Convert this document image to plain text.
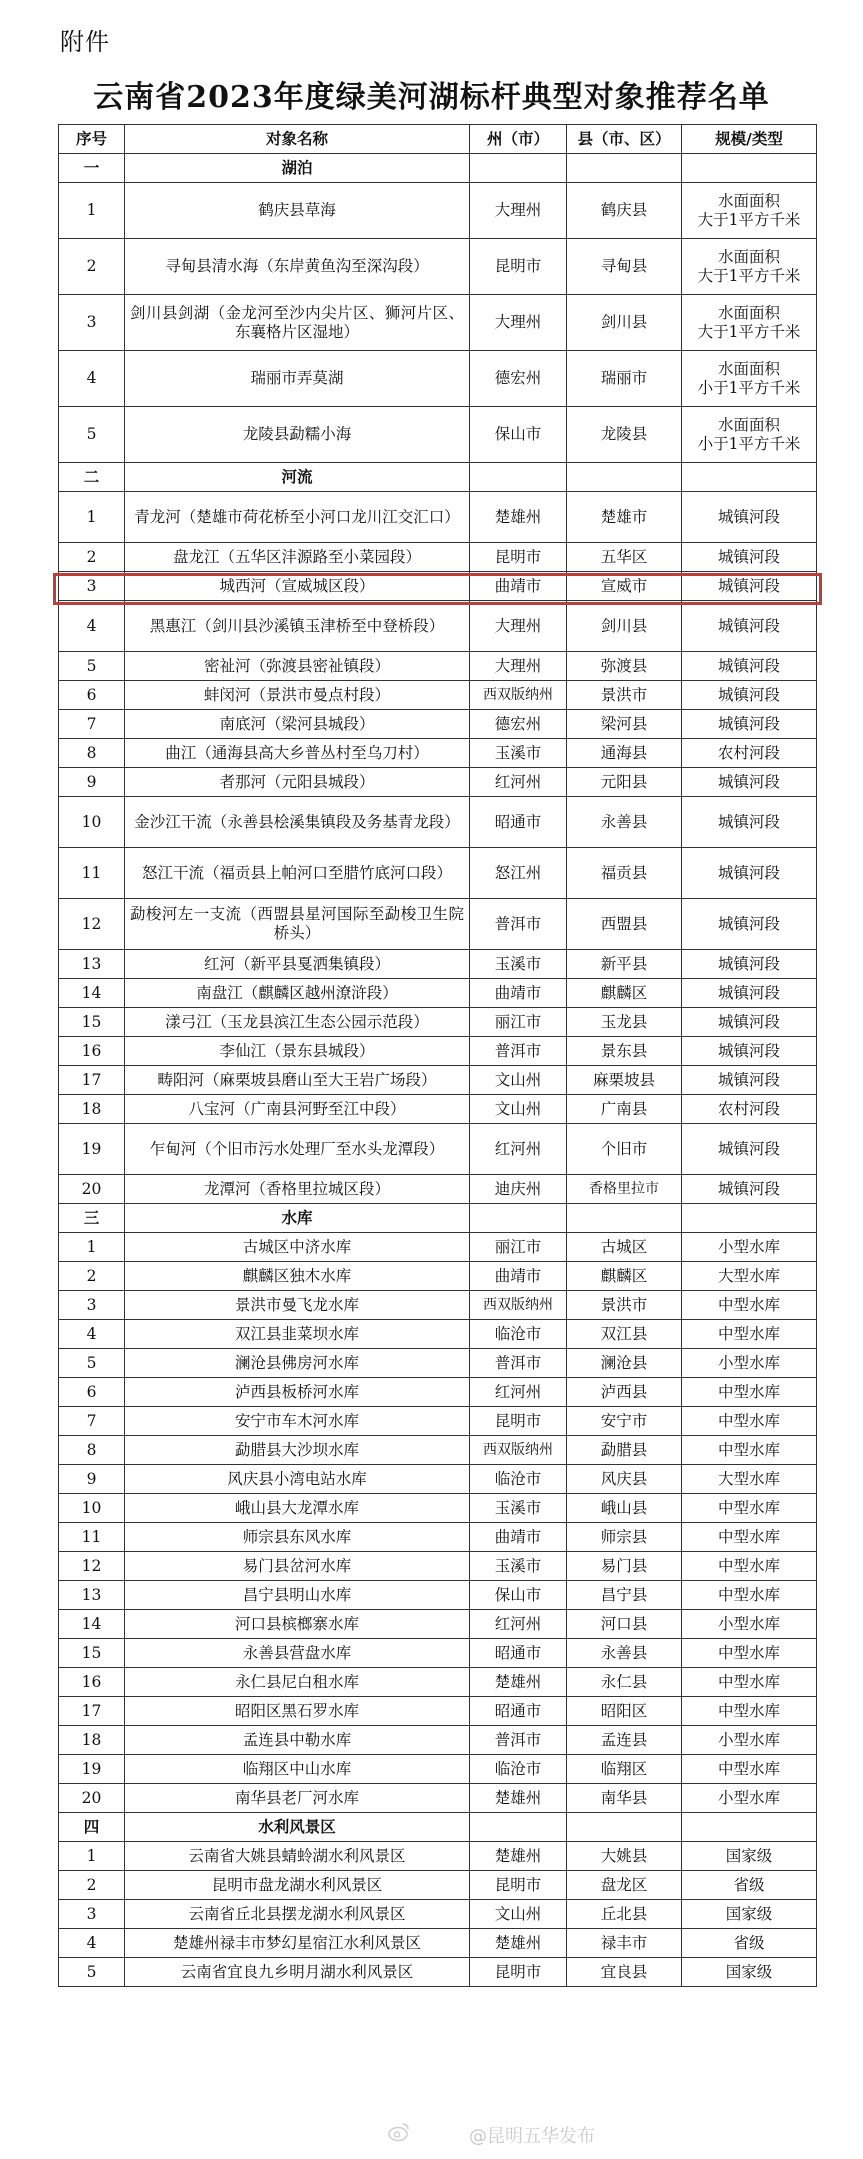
附件
云南省2023年度绿美河湖标杆典型对象推荐名单
序号	对象名称	州（市）	县（市、区）	规模/类型
一	湖泊			
1	鹤庆县草海	大理州	鹤庆县	水面面积
大于1平方千米
2	寻甸县清水海（东岸黄鱼沟至深沟段）	昆明市	寻甸县	水面面积
大于1平方千米
3	剑川县剑湖（金龙河至沙内尖片区、狮河片区、东襄格片区湿地）	大理州	剑川县	水面面积
大于1平方千米
4	瑞丽市弄莫湖	德宏州	瑞丽市	水面面积
小于1平方千米
5	龙陵县勐糯小海	保山市	龙陵县	水面面积
小于1平方千米
二	河流			
1	青龙河（楚雄市荷花桥至小河口龙川江交汇口）	楚雄州	楚雄市	城镇河段
2	盘龙江（五华区沣源路至小菜园段）	昆明市	五华区	城镇河段
3	城西河（宣威城区段）	曲靖市	宣威市	城镇河段
4	黑惠江（剑川县沙溪镇玉津桥至中登桥段）	大理州	剑川县	城镇河段
5	密祉河（弥渡县密祉镇段）	大理州	弥渡县	城镇河段
6	蚌闵河（景洪市曼点村段）	西双版纳州	景洪市	城镇河段
7	南底河（梁河县城段）	德宏州	梁河县	城镇河段
8	曲江（通海县高大乡普丛村至乌刀村）	玉溪市	通海县	农村河段
9	者那河（元阳县城段）	红河州	元阳县	城镇河段
10	金沙江干流（永善县桧溪集镇段及务基青龙段）	昭通市	永善县	城镇河段
11	怒江干流（福贡县上帕河口至腊竹底河口段）	怒江州	福贡县	城镇河段
12	勐梭河左一支流（西盟县星河国际至勐梭卫生院桥头）	普洱市	西盟县	城镇河段
13	红河（新平县戛洒集镇段）	玉溪市	新平县	城镇河段
14	南盘江（麒麟区越州潦浒段）	曲靖市	麒麟区	城镇河段
15	漾弓江（玉龙县滨江生态公园示范段）	丽江市	玉龙县	城镇河段
16	李仙江（景东县城段）	普洱市	景东县	城镇河段
17	畴阳河（麻栗坡县磨山至大王岩广场段）	文山州	麻栗坡县	城镇河段
18	八宝河（广南县河野至江中段）	文山州	广南县	农村河段
19	乍甸河（个旧市污水处理厂至水头龙潭段）	红河州	个旧市	城镇河段
20	龙潭河（香格里拉城区段）	迪庆州	香格里拉市	城镇河段
三	水库			
1	古城区中济水库	丽江市	古城区	小型水库
2	麒麟区独木水库	曲靖市	麒麟区	大型水库
3	景洪市曼飞龙水库	西双版纳州	景洪市	中型水库
4	双江县韭菜坝水库	临沧市	双江县	中型水库
5	澜沧县佛房河水库	普洱市	澜沧县	小型水库
6	泸西县板桥河水库	红河州	泸西县	中型水库
7	安宁市车木河水库	昆明市	安宁市	中型水库
8	勐腊县大沙坝水库	西双版纳州	勐腊县	中型水库
9	风庆县小湾电站水库	临沧市	风庆县	大型水库
10	峨山县大龙潭水库	玉溪市	峨山县	中型水库
11	师宗县东风水库	曲靖市	师宗县	中型水库
12	易门县岔河水库	玉溪市	易门县	中型水库
13	昌宁县明山水库	保山市	昌宁县	中型水库
14	河口县槟榔寨水库	红河州	河口县	小型水库
15	永善县营盘水库	昭通市	永善县	中型水库
16	永仁县尼白租水库	楚雄州	永仁县	中型水库
17	昭阳区黑石罗水库	昭通市	昭阳区	中型水库
18	孟连县中勒水库	普洱市	孟连县	小型水库
19	临翔区中山水库	临沧市	临翔区	中型水库
20	南华县老厂河水库	楚雄州	南华县	小型水库
四	水利风景区			
1	云南省大姚县蜻蛉湖水利风景区	楚雄州	大姚县	国家级
2	昆明市盘龙湖水利风景区	昆明市	盘龙区	省级
3	云南省丘北县摆龙湖水利风景区	文山州	丘北县	国家级
4	楚雄州禄丰市梦幻星宿江水利风景区	楚雄州	禄丰市	省级
5	云南省宜良九乡明月湖水利风景区	昆明市	宜良县	国家级
@昆明五华发布
